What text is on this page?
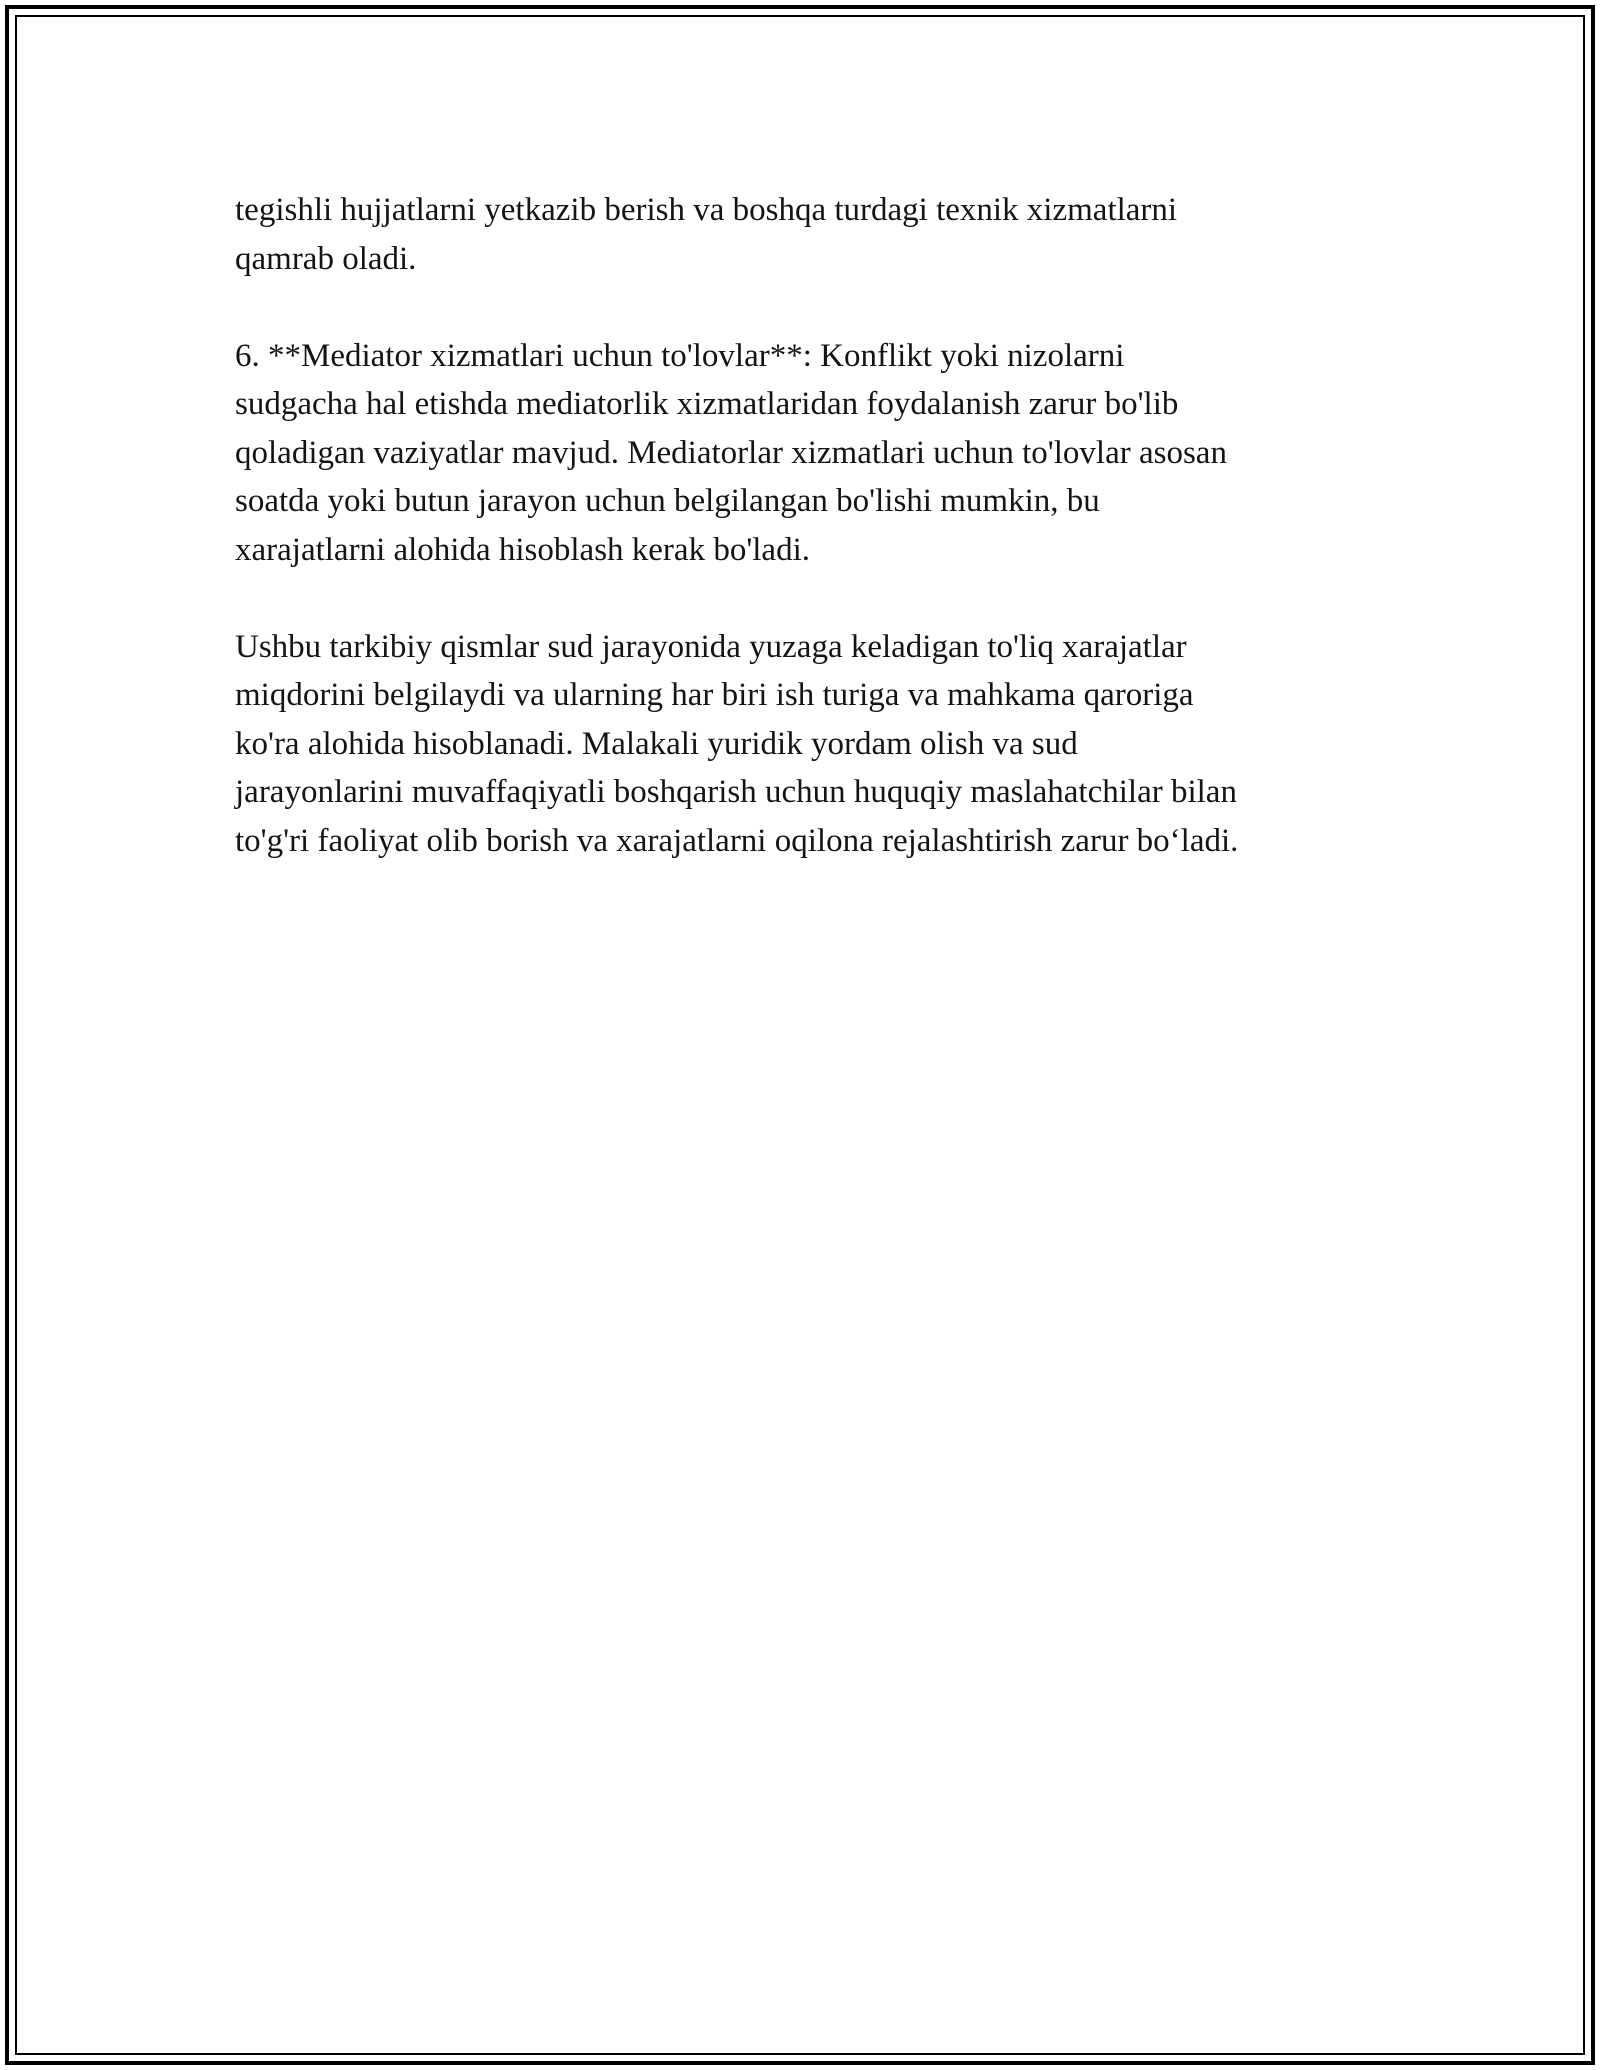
tegishli hujjatlarni yetkazib berish va boshqa turdagi texnik xizmatlarni
qamrab oladi.

6. **Mediator xizmatlari uchun to'lovlar**: Konflikt yoki nizolarni
sudgacha hal etishda mediatorlik xizmatlaridan foydalanish zarur bo'lib
qoladigan vaziyatlar mavjud. Mediatorlar xizmatlari uchun to'lovlar asosan
soatda yoki butun jarayon uchun belgilangan bo'lishi mumkin, bu
xarajatlarni alohida hisoblash kerak bo'ladi.

Ushbu tarkibiy qismlar sud jarayonida yuzaga keladigan to'liq xarajatlar
miqdorini belgilaydi va ularning har biri ish turiga va mahkama qaroriga
ko'ra alohida hisoblanadi. Malakali yuridik yordam olish va sud
jarayonlarini muvaffaqiyatli boshqarish uchun huquqiy maslahatchilar bilan
to'g'ri faoliyat olib borish va xarajatlarni oqilona rejalashtirish zarur bo‘ladi.
